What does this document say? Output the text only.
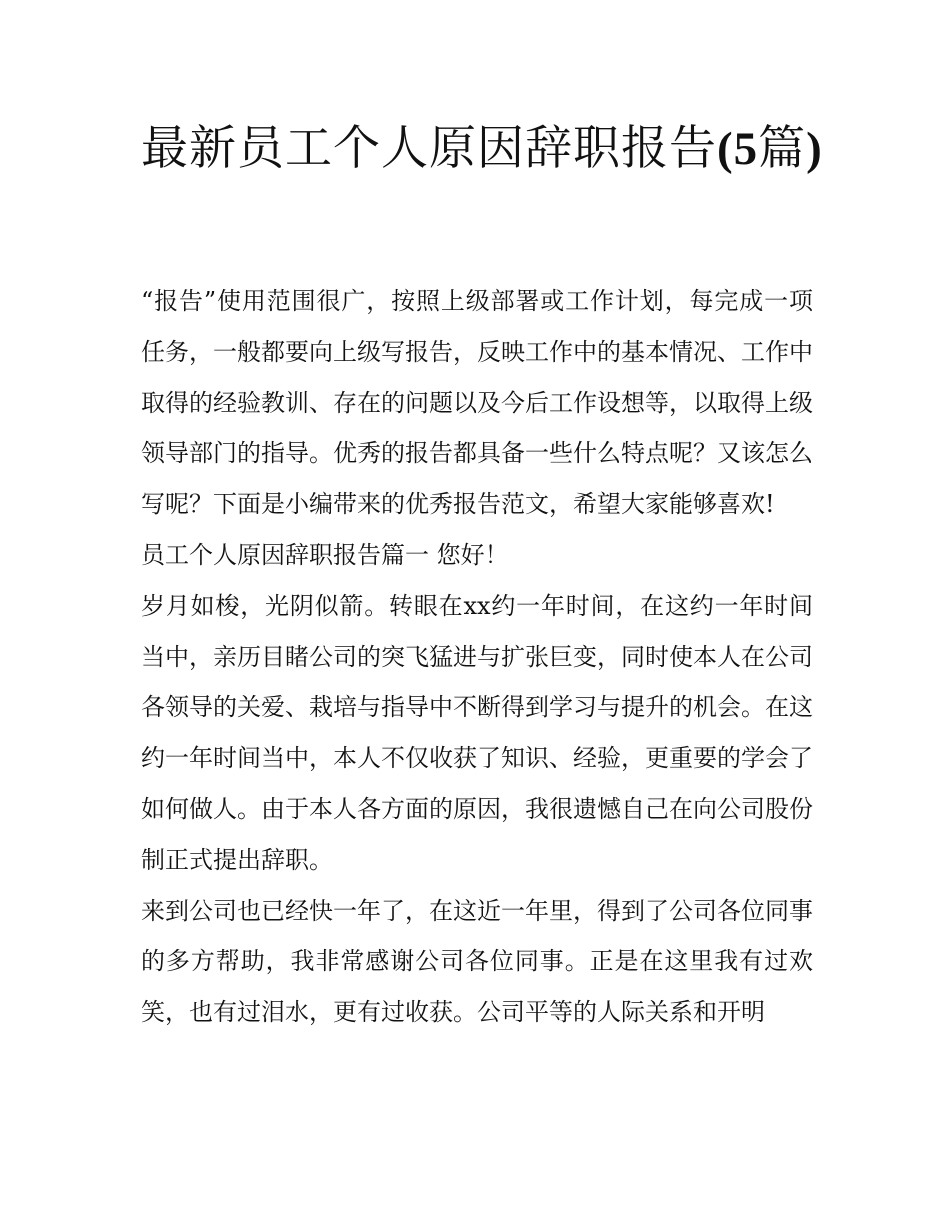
最新员工个人原因辞职报告(5篇)

“报告”使用范围很广，按照上级部署或工作计划，每完成一项任务，一般都要向上级写报告，反映工作中的基本情况、工作中取得的经验教训、存在的问题以及今后工作设想等，以取得上级领导部门的指导。优秀的报告都具备一些什么特点呢？又该怎么写呢？下面是小编带来的优秀报告范文，希望大家能够喜欢!

员工个人原因辞职报告篇一 您好！

岁月如梭，光阴似箭。转眼在xx约一年时间，在这约一年时间当中，亲历目睹公司的突飞猛进与扩张巨变，同时使本人在公司各领导的关爱、栽培与指导中不断得到学习与提升的机会。在这约一年时间当中，本人不仅收获了知识、经验，更重要的学会了如何做人。由于本人各方面的原因，我很遗憾自己在向公司股份制正式提出辞职。

来到公司也已经快一年了，在这近一年里，得到了公司各位同事的多方帮助，我非常感谢公司各位同事。正是在这里我有过欢笑，也有过泪水，更有过收获。公司平等的人际关系和开明
